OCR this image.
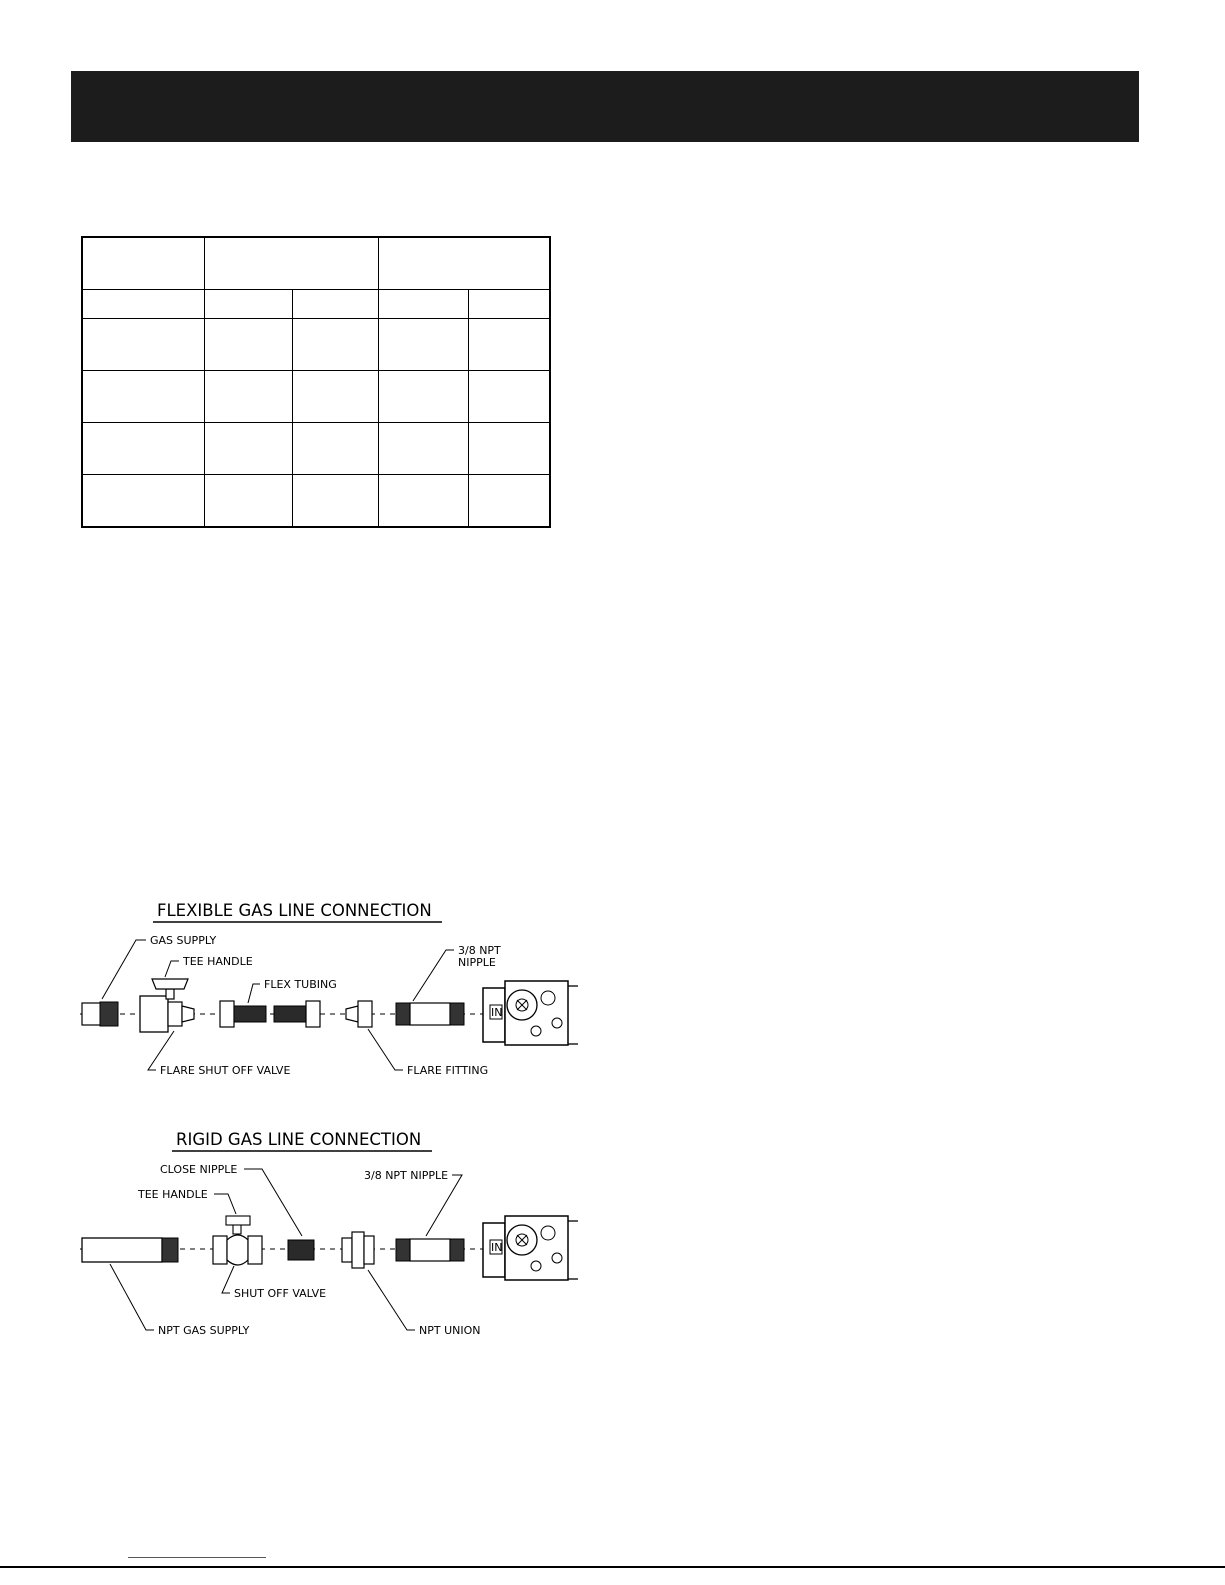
FLEXIBLE GAS LINE CONNECTION
IN
GAS SUPPLY
TEE HANDLE
FLEX TUBING
3/8 NPT
NIPPLE
FLARE SHUT OFF VALVE	FLARE FITTING
RIGID GAS LINE CONNECTION
IN
CLOSE NIPPLE	3/8 NPT NIPPLE
TEE HANDLE
SHUT OFF VALVE
NPT GAS SUPPLY	NPT UNION
